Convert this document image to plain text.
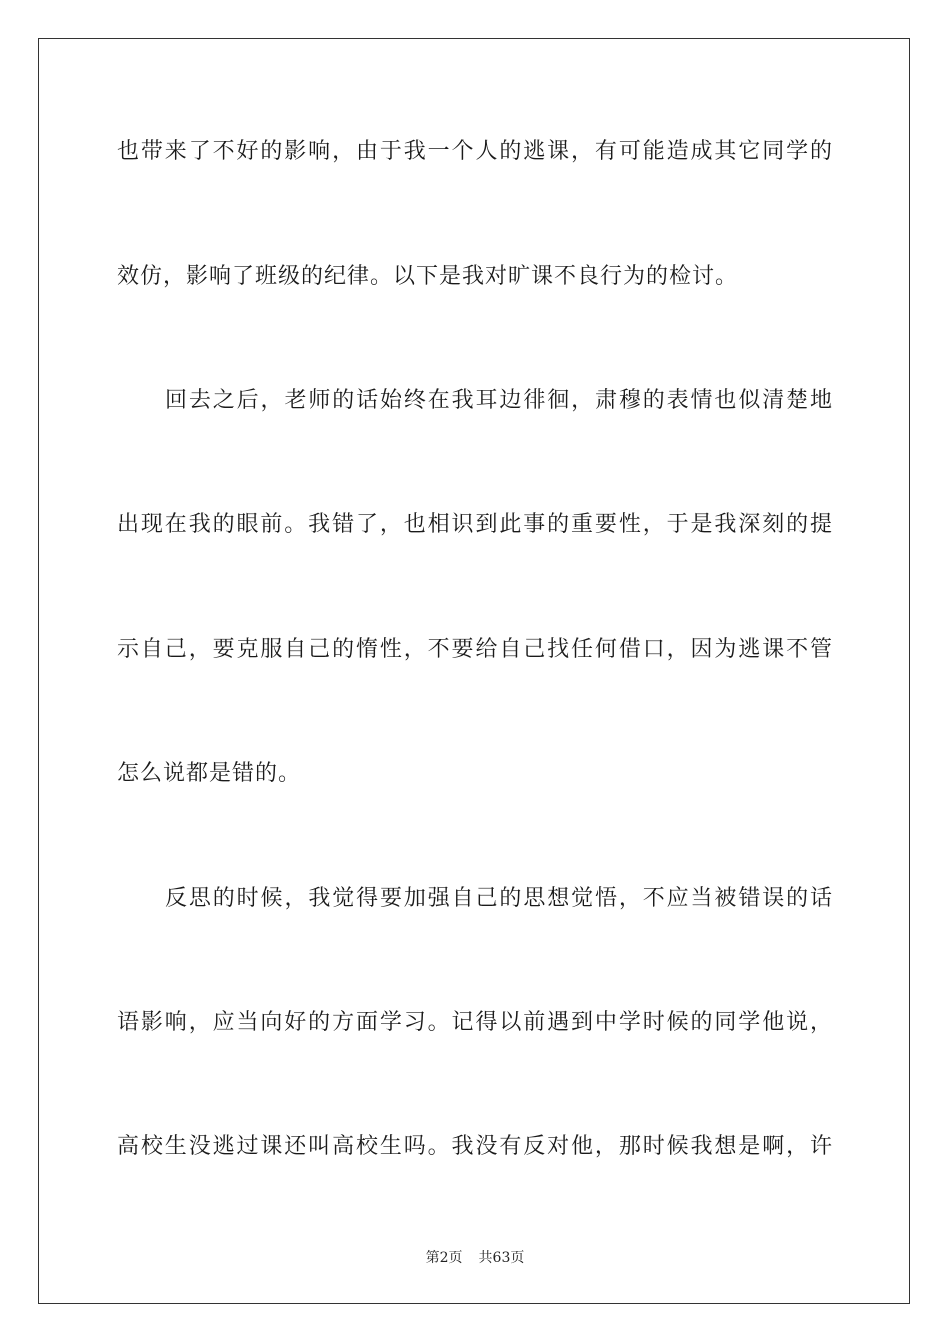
也带来了不好的影响，由于我一个人的逃课，有可能造成其它同学的
效仿，影响了班级的纪律。以下是我对旷课不良行为的检讨。
回去之后，老师的话始终在我耳边徘徊，肃穆的表情也似清楚地
出现在我的眼前。我错了，也相识到此事的重要性，于是我深刻的提
示自己，要克服自己的惰性，不要给自己找任何借口，因为逃课不管
怎么说都是错的。
反思的时候，我觉得要加强自己的思想觉悟，不应当被错误的话
语影响，应当向好的方面学习。记得以前遇到中学时候的同学他说，
高校生没逃过课还叫高校生吗。我没有反对他，那时候我想是啊，许
第2页 共63页
